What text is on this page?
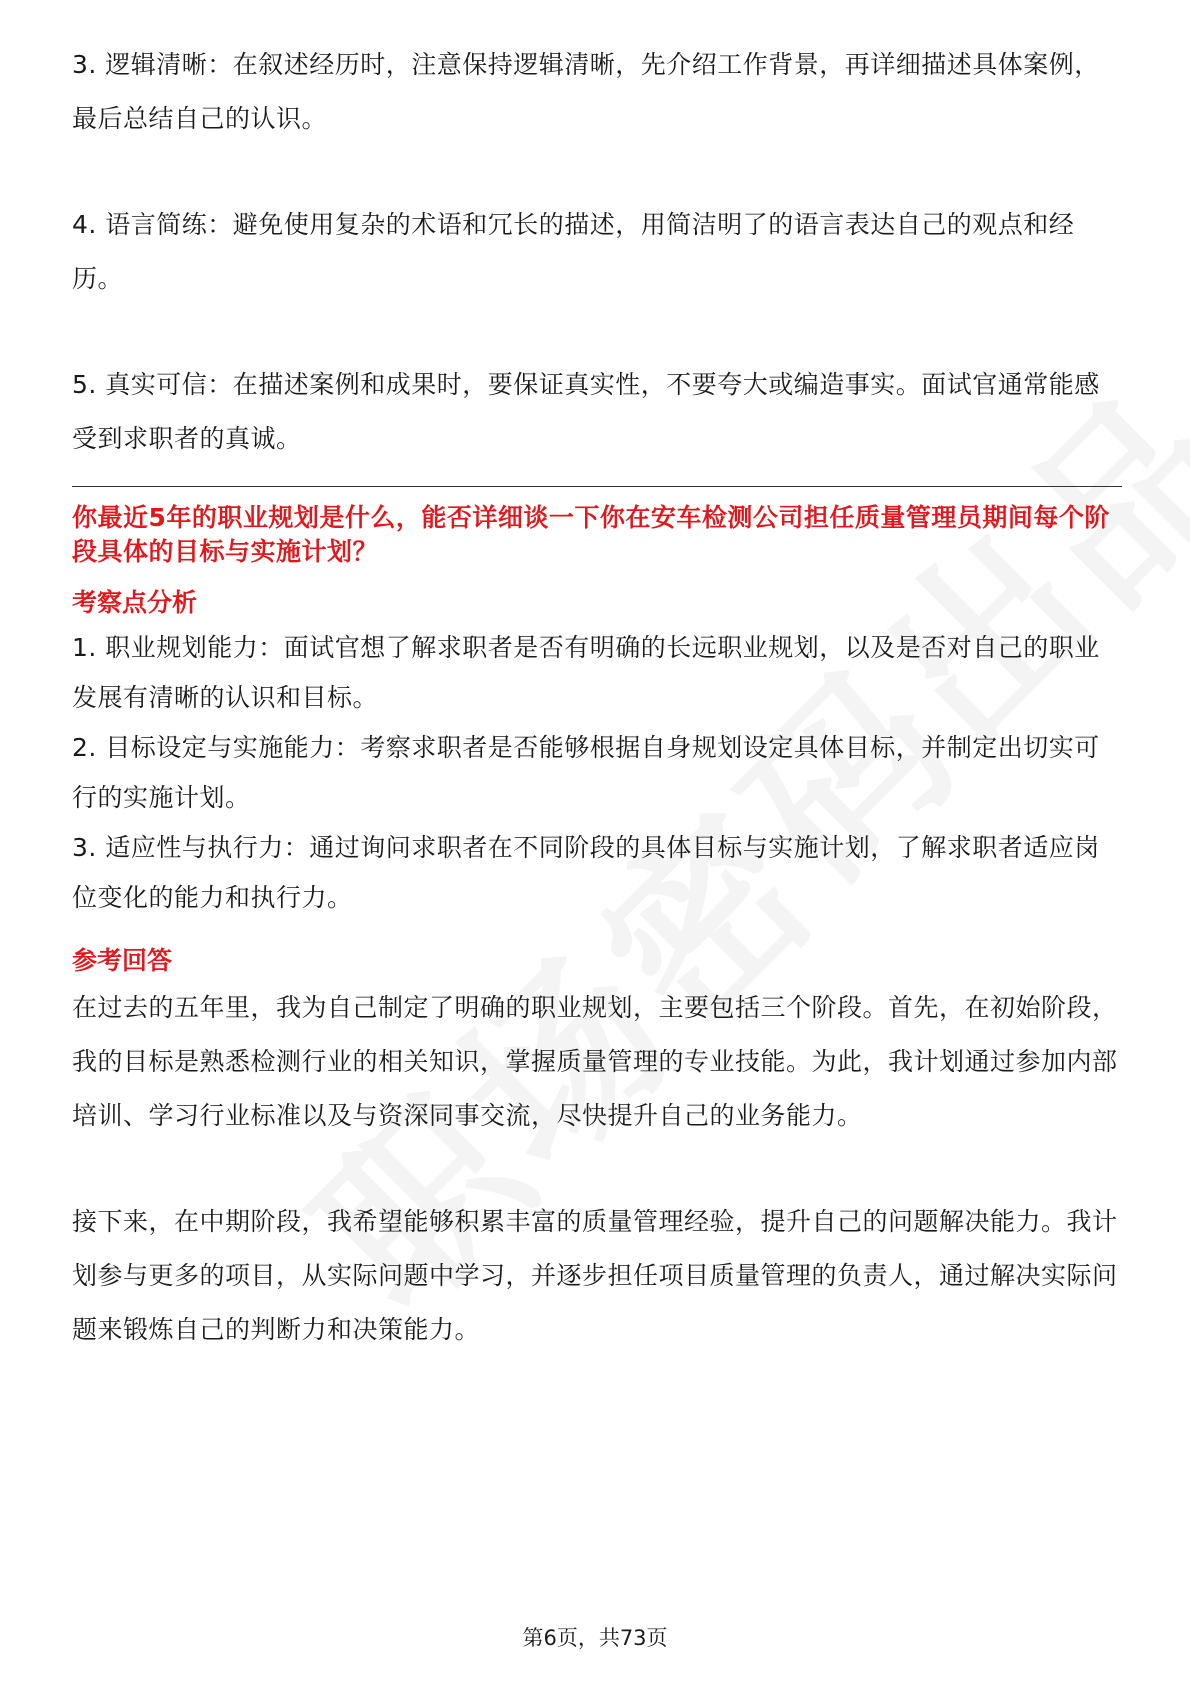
3. 逻辑清晰：在叙述经历时，注意保持逻辑清晰，先介绍工作背景，再详细描述具体案例，最后总结自己的认识。

4. 语言简练：避免使用复杂的术语和冗长的描述，用简洁明了的语言表达自己的观点和经历。

5. 真实可信：在描述案例和成果时，要保证真实性，不要夸大或编造事实。面试官通常能感受到求职者的真诚。

你最近5年的职业规划是什么，能否详细谈一下你在安车检测公司担任质量管理员期间每个阶段具体的目标与实施计划？

考察点分析

1. 职业规划能力：面试官想了解求职者是否有明确的长远职业规划，以及是否对自己的职业发展有清晰的认识和目标。

2. 目标设定与实施能力：考察求职者是否能够根据自身规划设定具体目标，并制定出切实可行的实施计划。

3. 适应性与执行力：通过询问求职者在不同阶段的具体目标与实施计划，了解求职者适应岗位变化的能力和执行力。

参考回答

在过去的五年里，我为自己制定了明确的职业规划，主要包括三个阶段。首先，在初始阶段，我的目标是熟悉检测行业的相关知识，掌握质量管理的专业技能。为此，我计划通过参加内部培训、学习行业标准以及与资深同事交流，尽快提升自己的业务能力。

接下来，在中期阶段，我希望能够积累丰富的质量管理经验，提升自己的问题解决能力。我计划参与更多的项目，从实际问题中学习，并逐步担任项目质量管理的负责人，通过解决实际问题来锻炼自己的判断力和决策能力。

第6页，共73页
